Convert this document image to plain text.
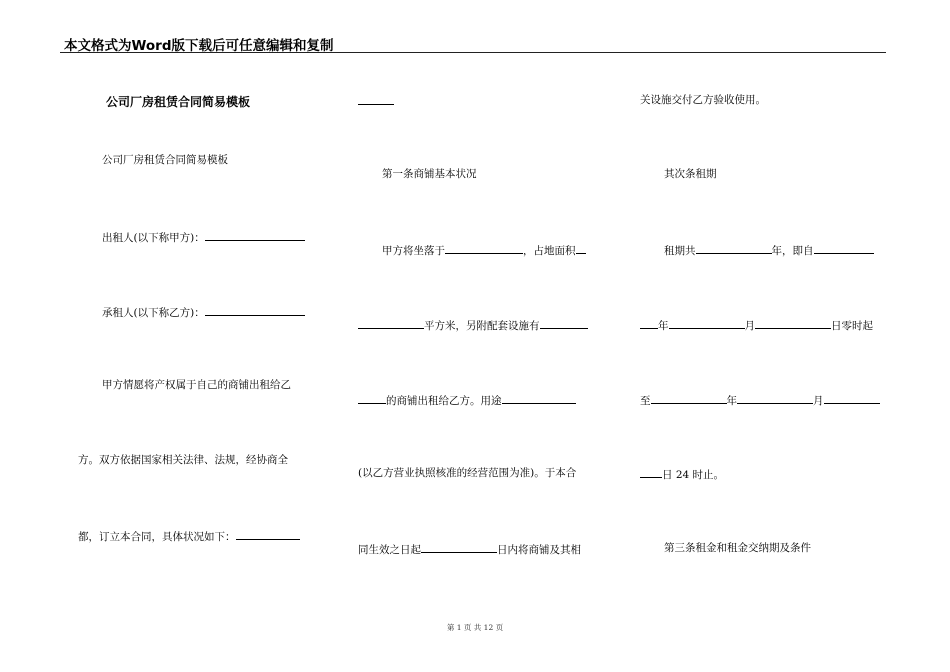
本文格式为Word版下载后可任意编辑和复制
公司厂房租赁合同简易模板
公司厂房租赁合同简易模板
出租人(以下称甲方)：
承租人(以下称乙方)：
甲方情愿将产权属于自己的商铺出租给乙
方。双方依据国家相关法律、法规，经协商全
都，订立本合同，具体状况如下：
第一条商铺基本状况
甲方将坐落于	，占地面积
平方米，另附配套设施有
的商铺出租给乙方。用途
(以乙方营业执照核准的经营范围为准)。于本合
同生效之日起	日内将商铺及其相
关设施交付乙方验收使用。
其次条租期
租期共	年，即自
年	月	日零时起
至	年	月
日 24 时止。
第三条租金和租金交纳期及条件
第 1 页 共 12 页
